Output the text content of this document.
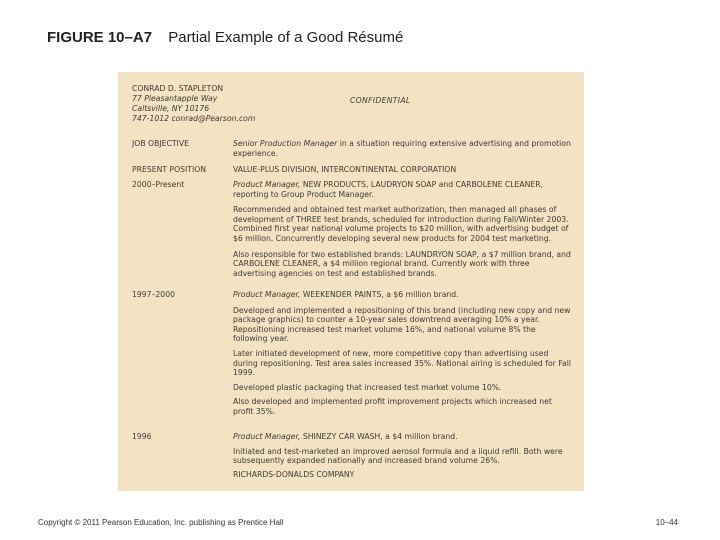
FIGURE 10–A7 Partial Example of a Good Résumé
CONRAD D. STAPLETON
77 Pleasantapple Way
Caltsville, NY 10176
747-1012 conrad@Pearson.com
CONFIDENTIAL
JOB OBJECTIVE	Senior Production Manager in a situation requiring extensive advertising and promotion experience.

PRESENT POSITION	VALUE-PLUS DIVISION, INTERCONTINENTAL CORPORATION
2000–Present	Product Manager, NEW PRODUCTS, LAUDRYON SOAP and CARBOLENE CLEANER, reporting to Group Product Manager.

Recommended and obtained test market authorization, then managed all phases of development of THREE test brands, scheduled for introduction during Fall/Winter 2003. Combined first year national volume projects to $20 million, with advertising budget of $6 million. Concurrently developing several new products for 2004 test marketing.

Also responsible for two established brands: LAUNDRYON SOAP, a $7 million brand, and CARBOLENE CLEANER, a $4 million regional brand. Currently work with three advertising agencies on test and established brands.

1997–2000	Product Manager, WEEKENDER PAINTS, a $6 million brand.

Developed and implemented a repositioning of this brand (including new copy and new package graphics) to counter a 10-year sales downtrend averaging 10% a year. Repositioning increased test market volume 16%, and national volume 8% the following year.

Later initiated development of new, more competitive copy than advertising used during repositioning. Test area sales increased 35%. National airing is scheduled for Fall 1999.

Developed plastic packaging that increased test market volume 10%.

Also developed and implemented profit improvement projects which increased net profit 35%.

1996	Product Manager, SHINEZY CAR WASH, a $4 million brand.

Initiated and test-marketed an improved aerosol formula and a liquid refill. Both were subsequently expanded nationally and increased brand volume 26%.

RICHARDS-DONALDS COMPANY

Copyright © 2011 Pearson Education, Inc. publishing as Prentice Hall	10–44
